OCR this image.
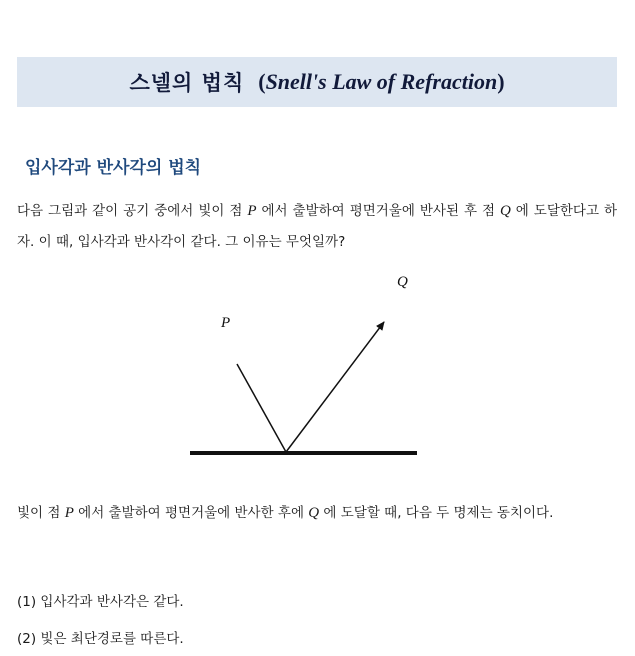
스넬의 법칙 (Snell's Law of Refraction)
입사각과 반사각의 법칙

다음 그림과 같이 공기 중에서 빛이 점 P 에서 출발하여 평면거울에 반사된 후 점 Q 에 도달한다고 하자. 이 때, 입사각과 반사각이 같다. 그 이유는 무엇일까?

P
Q

빛이 점 P 에서 출발하여 평면거울에 반사한 후에 Q 에 도달할 때, 다음 두 명제는 동치이다.

(1) 입사각과 반사각은 같다.

(2) 빛은 최단경로를 따른다.
